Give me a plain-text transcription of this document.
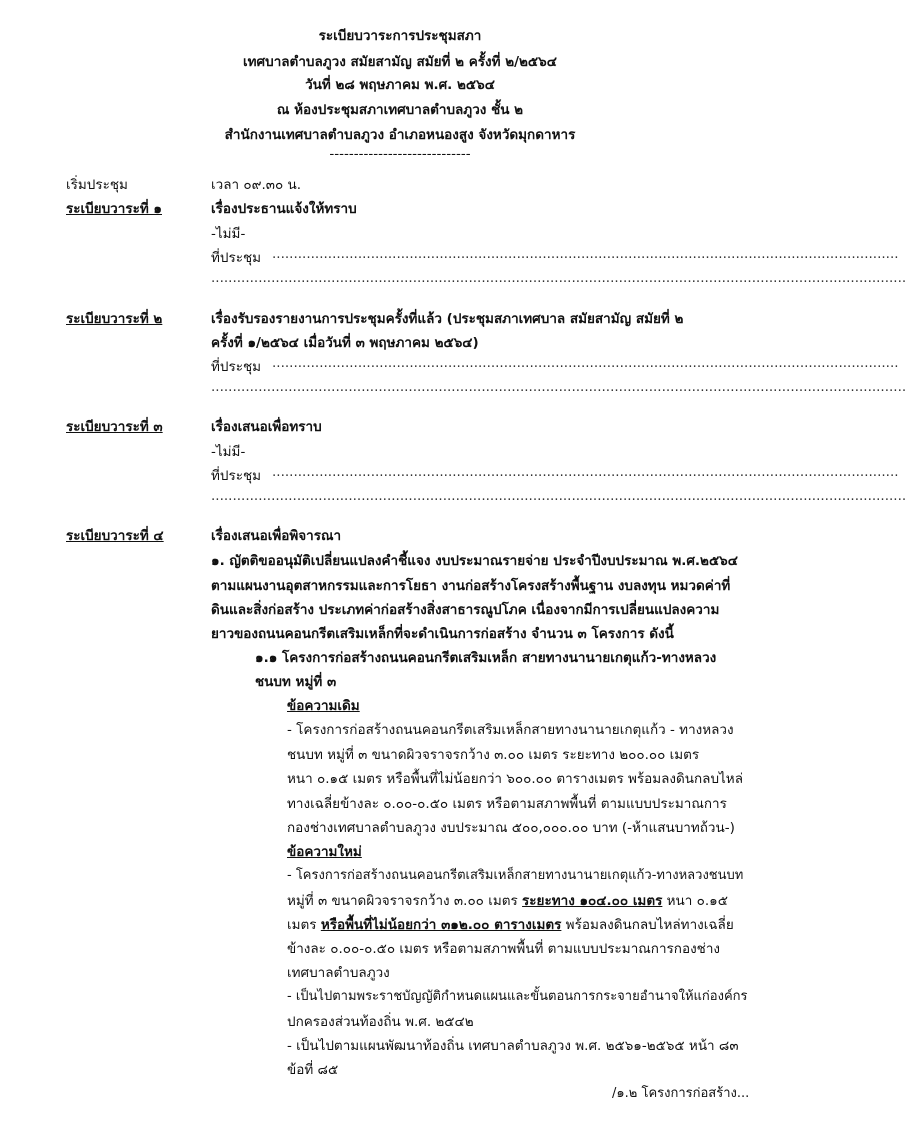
ระเบียบวาระการประชุมสภา
เทศบาลตำบลภูวง สมัยสามัญ สมัยที่ ๒ ครั้งที่ ๒/๒๕๖๔
วันที่ ๒๘ พฤษภาคม พ.ศ. ๒๕๖๔
ณ ห้องประชุมสภาเทศบาลตำบลภูวง ชั้น ๒
สำนักงานเทศบาลตำบลภูวง อำเภอหนองสูง จังหวัดมุกดาหาร
-----------------------------
เริ่มประชุม	เวลา ๐๙.๓๐ น.
ระเบียบวาระที่ ๑	เรื่องประธานแจ้งให้ทราบ
-ไม่มี-
ที่ประชุม ..................................................................................................................................................
..................................................................................................................................................................
ระเบียบวาระที่ ๒	เรื่องรับรองรายงานการประชุมครั้งที่แล้ว (ประชุมสภาเทศบาล สมัยสามัญ สมัยที่ ๒
ครั้งที่ ๑/๒๕๖๔ เมื่อวันที่ ๓ พฤษภาคม ๒๕๖๔)
ที่ประชุม ..................................................................................................................................................
..................................................................................................................................................................
ระเบียบวาระที่ ๓	เรื่องเสนอเพื่อทราบ
-ไม่มี-
ที่ประชุม ..................................................................................................................................................
..................................................................................................................................................................
ระเบียบวาระที่ ๔	เรื่องเสนอเพื่อพิจารณา
๑. ญัตติขออนุมัติเปลี่ยนแปลงคำชี้แจง งบประมาณรายจ่าย ประจำปีงบประมาณ พ.ศ.๒๕๖๔
ตามแผนงานอุตสาหกรรมและการโยธา งานก่อสร้างโครงสร้างพื้นฐาน งบลงทุน หมวดค่าที่
ดินและสิ่งก่อสร้าง ประเภทค่าก่อสร้างสิ่งสาธารณูปโภค เนื่องจากมีการเปลี่ยนแปลงความ
ยาวของถนนคอนกรีตเสริมเหล็กที่จะดำเนินการก่อสร้าง จำนวน ๓ โครงการ ดังนี้
๑.๑ โครงการก่อสร้างถนนคอนกรีตเสริมเหล็ก สายทางนานายเกตุแก้ว-ทางหลวง
ชนบท หมู่ที่ ๓
ข้อความเดิม
- โครงการก่อสร้างถนนคอนกรีตเสริมเหล็กสายทางนานายเกตุแก้ว - ทางหลวง
ชนบท หมู่ที่ ๓ ขนาดผิวจราจรกว้าง ๓.๐๐ เมตร ระยะทาง ๒๐๐.๐๐ เมตร
หนา ๐.๑๕ เมตร หรือพื้นที่ไม่น้อยกว่า ๖๐๐.๐๐ ตารางเมตร พร้อมลงดินกลบไหล่
ทางเฉลี่ยข้างละ ๐.๐๐-๐.๕๐ เมตร หรือตามสภาพพื้นที่ ตามแบบประมาณการ
กองช่างเทศบาลตำบลภูวง งบประมาณ ๕๐๐,๐๐๐.๐๐ บาท (-ห้าแสนบาทถ้วน-)
ข้อความใหม่
- โครงการก่อสร้างถนนคอนกรีตเสริมเหล็กสายทางนานายเกตุแก้ว-ทางหลวงชนบท
หมู่ที่ ๓ ขนาดผิวจราจรกว้าง ๓.๐๐ เมตร ระยะทาง ๑๐๔.๐๐ เมตร หนา ๐.๑๕
เมตร หรือพื้นที่ไม่น้อยกว่า ๓๑๒.๐๐ ตารางเมตร พร้อมลงดินกลบไหล่ทางเฉลี่ย
ข้างละ ๐.๐๐-๐.๕๐ เมตร หรือตามสภาพพื้นที่ ตามแบบประมาณการกองช่าง
เทศบาลตำบลภูวง
- เป็นไปตามพระราชบัญญัติกำหนดแผนและขั้นตอนการกระจายอำนาจให้แก่องค์กร
ปกครองส่วนท้องถิ่น พ.ศ. ๒๕๔๒
- เป็นไปตามแผนพัฒนาท้องถิ่น เทศบาลตำบลภูวง พ.ศ. ๒๕๖๑-๒๕๖๕ หน้า ๘๓
ข้อที่ ๘๕
/๑.๒ โครงการก่อสร้าง...
